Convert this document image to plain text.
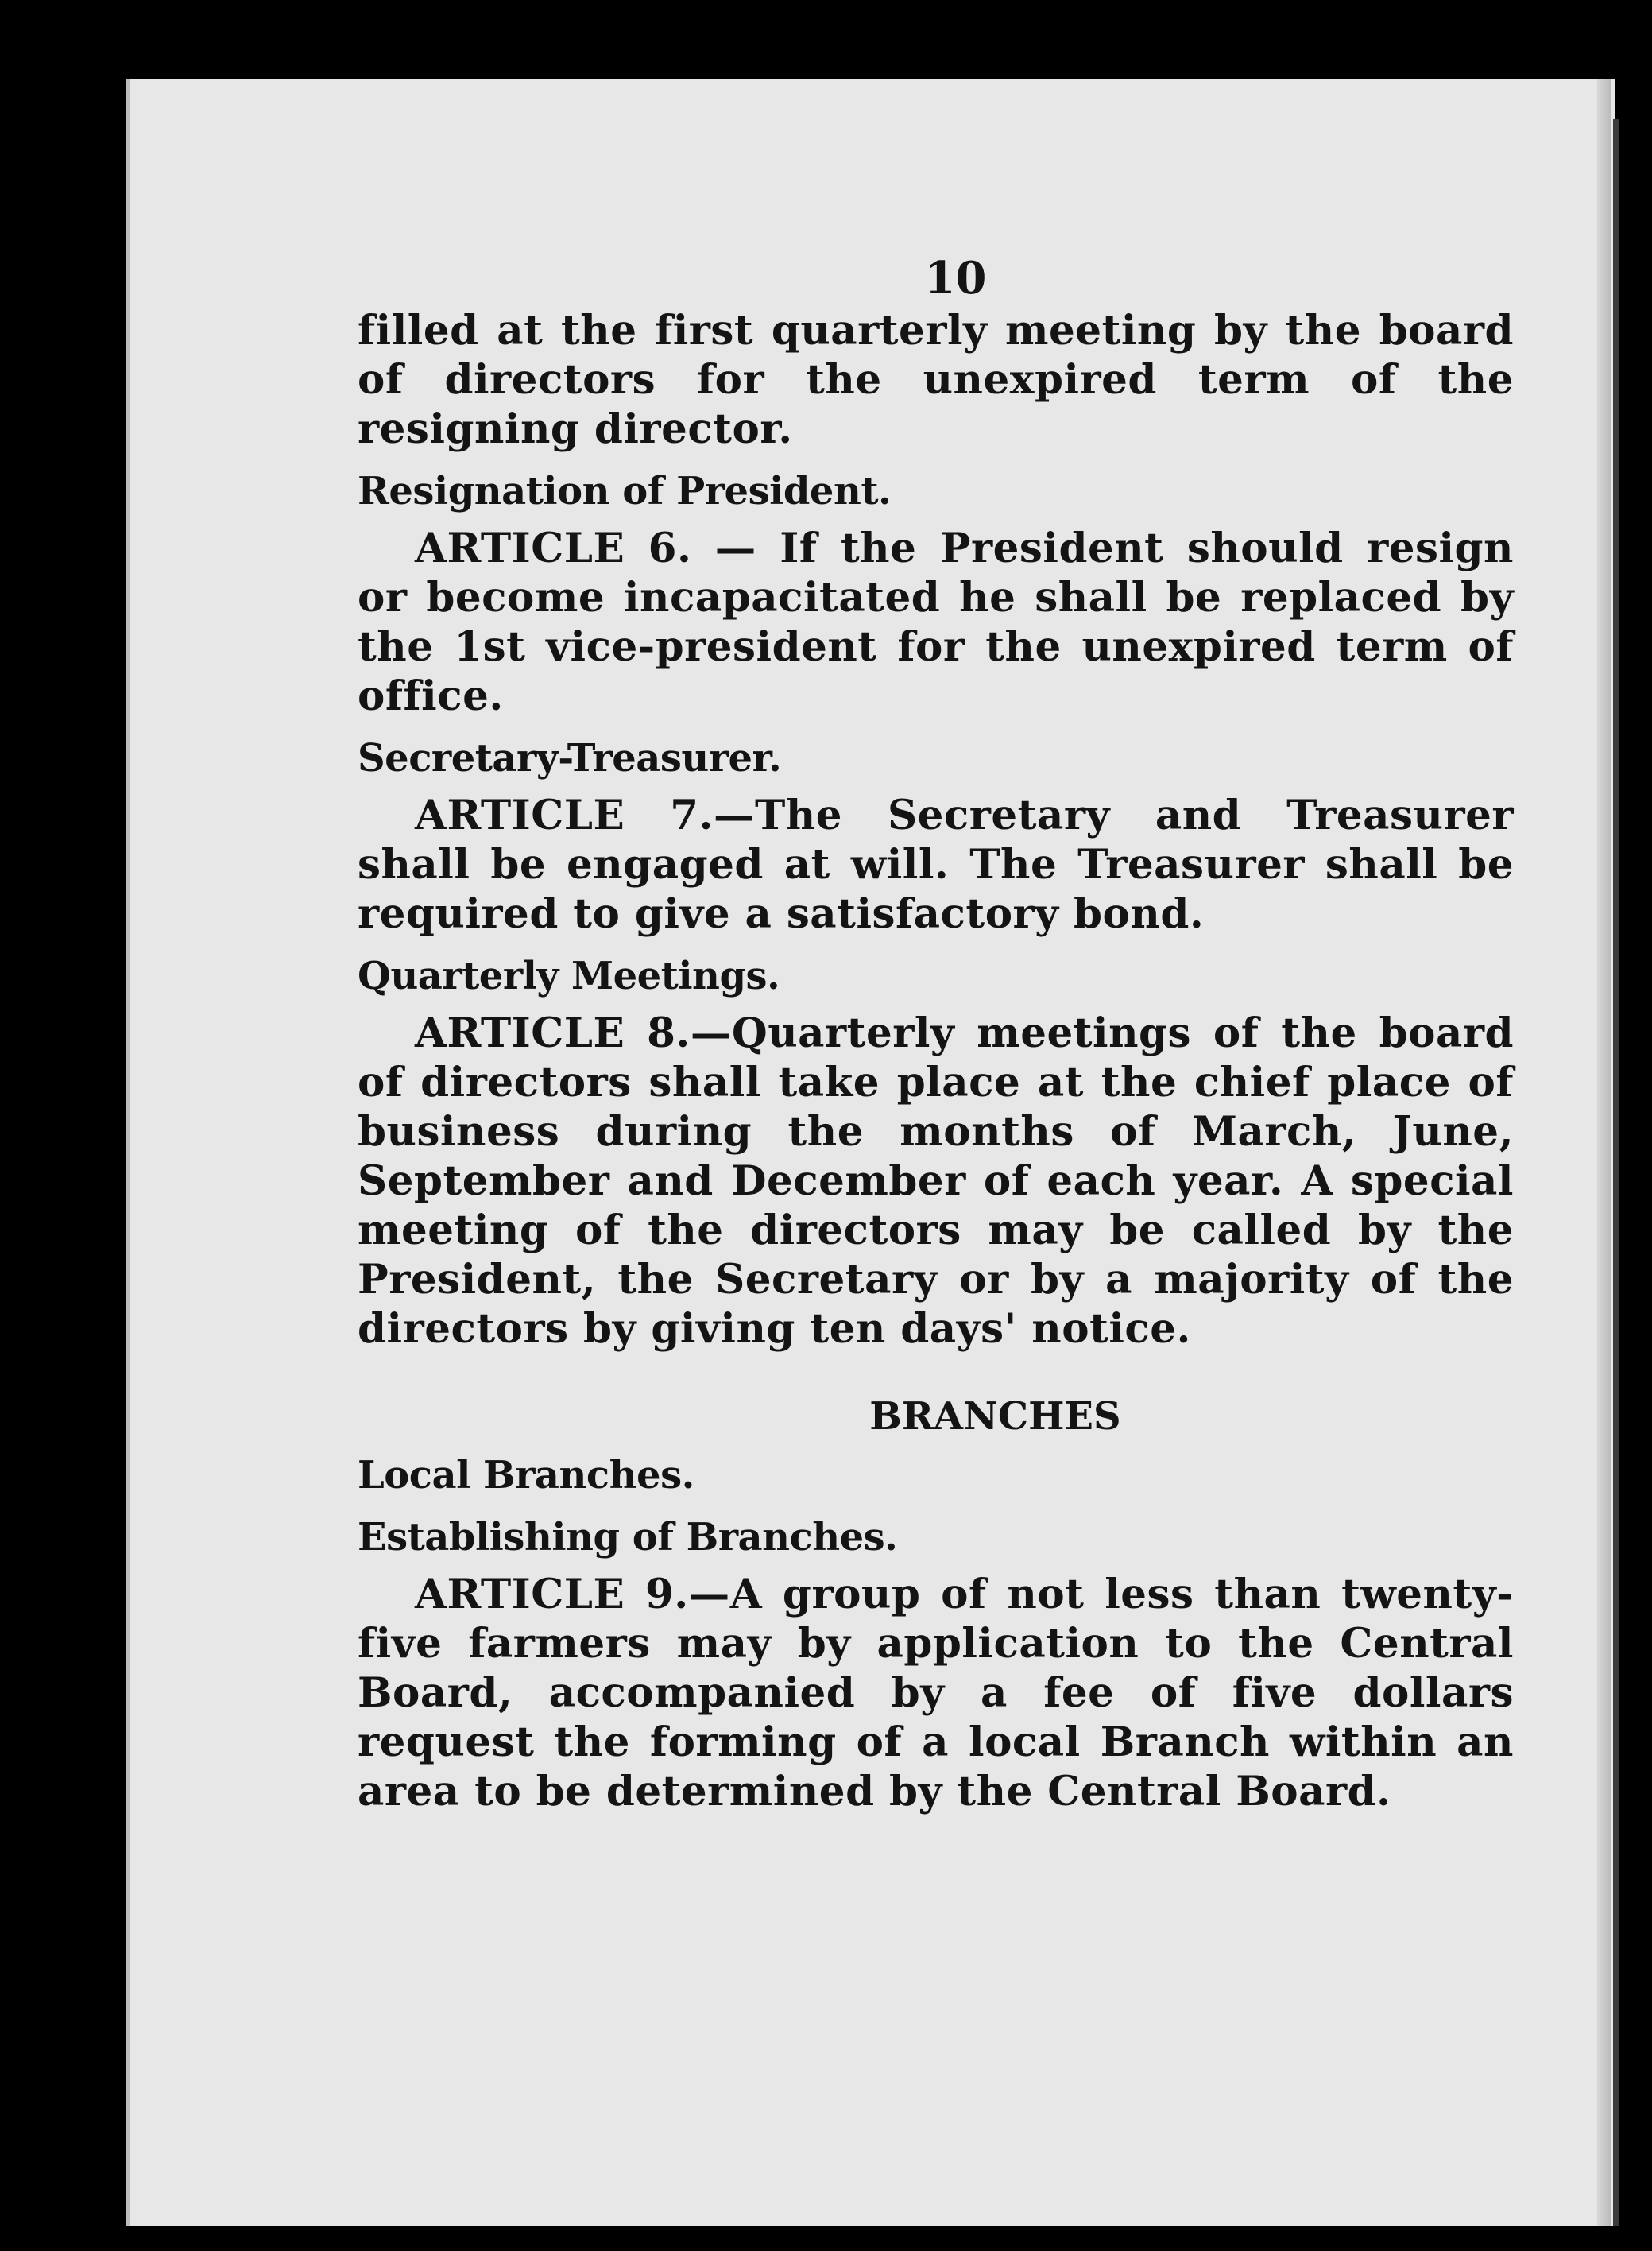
10

filled at the first quarterly meeting by the board of directors for the unexpired term of the resigning director.

Resignation of President.

ARTICLE 6. — If the President should resign or become incapacitated he shall be replaced by the 1st vice-president for the unexpired term of office.

Secretary-Treasurer.

ARTICLE 7.—The Secretary and Treasurer shall be engaged at will. The Treasurer shall be required to give a satisfactory bond.

Quarterly Meetings.

ARTICLE 8.—Quarterly meetings of the board of directors shall take place at the chief place of business during the months of March, June, September and December of each year. A special meeting of the directors may be called by the President, the Secretary or by a majority of the directors by giving ten days' notice.

BRANCHES

Local Branches.

Establishing of Branches.

ARTICLE 9.—A group of not less than twenty-five farmers may by application to the Central Board, accompanied by a fee of five dollars request the forming of a local Branch within an area to be determined by the Central Board.
